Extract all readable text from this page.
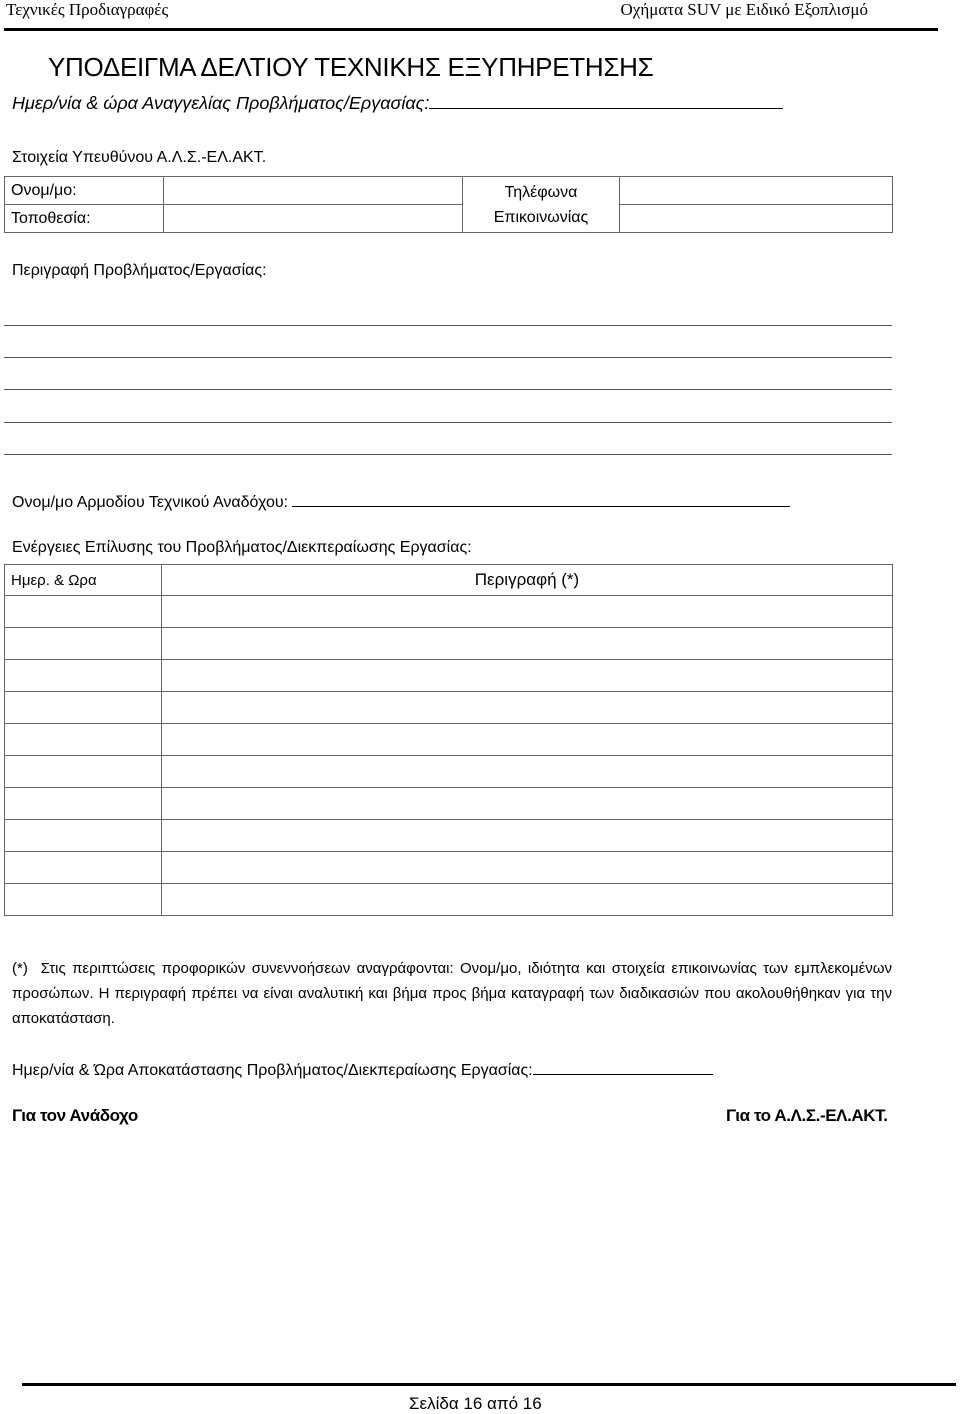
Τεχνικές Προδιαγραφές	Οχήματα SUV με Ειδικό Εξοπλισμό
ΥΠΟΔΕΙΓΜΑ ΔΕΛΤΙΟΥ ΤΕΧΝΙΚΗΣ ΕΞΥΠΗΡΕΤΗΣΗΣ
Ημερ/νία & ώρα Αναγγελίας Προβλήματος/Εργασίας:
Στοιχεία Υπευθύνου Α.Λ.Σ.-ΕΛ.ΑΚΤ.
Ονομ/μο:		Τηλέφωνα
Επικοινωνίας	
Τοποθεσία:			
Περιγραφή Προβλήματος/Εργασίας:
Ονομ/μο Αρμοδίου Τεχνικού Αναδόχου:
Ενέργειες Επίλυσης του Προβλήματος/Διεκπεραίωσης Εργασίας:
Ημερ. & Ωρα	Περιγραφή (*)

(*) Στις περιπτώσεις προφορικών συνεννοήσεων αναγράφονται: Ονομ/μο, ιδιότητα και στοιχεία επικοινωνίας των εμπλεκομένων προσώπων. Η περιγραφή πρέπει να είναι αναλυτική και βήμα προς βήμα καταγραφή των διαδικασιών που ακολουθήθηκαν για την αποκατάσταση.
Ημερ/νία & Ώρα Αποκατάστασης Προβλήματος/Διεκπεραίωσης Εργασίας:
Για τον Ανάδοχο	Για το Α.Λ.Σ.-ΕΛ.ΑΚΤ.
Σελίδα 16 από 16
